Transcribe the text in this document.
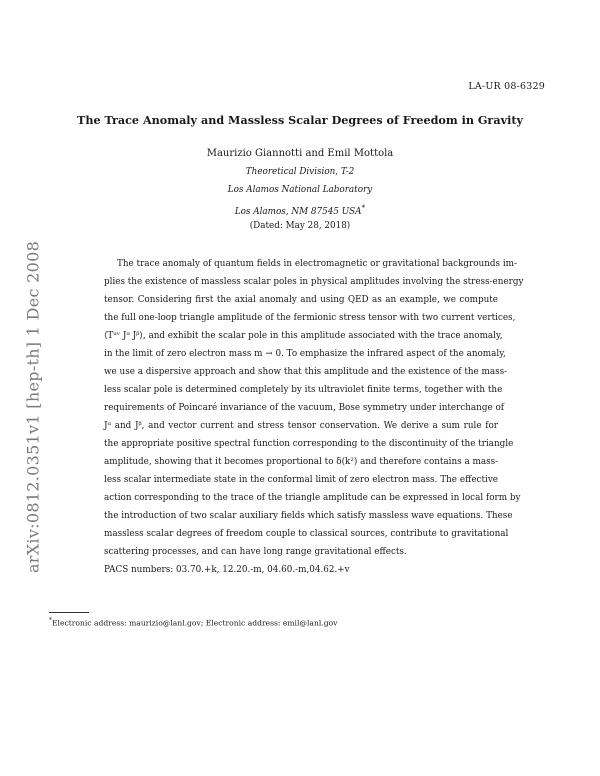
LA-UR 08-6329
The Trace Anomaly and Massless Scalar Degrees of Freedom in Gravity
Maurizio Giannotti and Emil Mottola
Theoretical Division, T-2
Los Alamos National Laboratory
Los Alamos, NM 87545 USA*
(Dated: May 28, 2018)
arXiv:0812.0351v1 [hep-th] 1 Dec 2008	The trace anomaly of quantum fields in electromagnetic or gravitational backgrounds im-
plies the existence of massless scalar poles in physical amplitudes involving the stress-energy
tensor. Considering first the axial anomaly and using QED as an example, we compute
the full one-loop triangle amplitude of the fermionic stress tensor with two current vertices,
⟨Tᵘᵛ Jᵅ Jᵝ⟩, and exhibit the scalar pole in this amplitude associated with the trace anomaly,
in the limit of zero electron mass m → 0. To emphasize the infrared aspect of the anomaly,
we use a dispersive approach and show that this amplitude and the existence of the mass-
less scalar pole is determined completely by its ultraviolet finite terms, together with the
requirements of Poincaré invariance of the vacuum, Bose symmetry under interchange of
Jᵅ and Jᵝ, and vector current and stress tensor conservation. We derive a sum rule for
the appropriate positive spectral function corresponding to the discontinuity of the triangle
amplitude, showing that it becomes proportional to δ(k²) and therefore contains a mass-
less scalar intermediate state in the conformal limit of zero electron mass. The effective
action corresponding to the trace of the triangle amplitude can be expressed in local form by
the introduction of two scalar auxiliary fields which satisfy massless wave equations. These
massless scalar degrees of freedom couple to classical sources, contribute to gravitational
scattering processes, and can have long range gravitational effects.
PACS numbers: 03.70.+k, 12.20.-m, 04.60.-m,04.62.+v
*Electronic address: maurizio@lanl.gov; Electronic address: emil@lanl.gov
